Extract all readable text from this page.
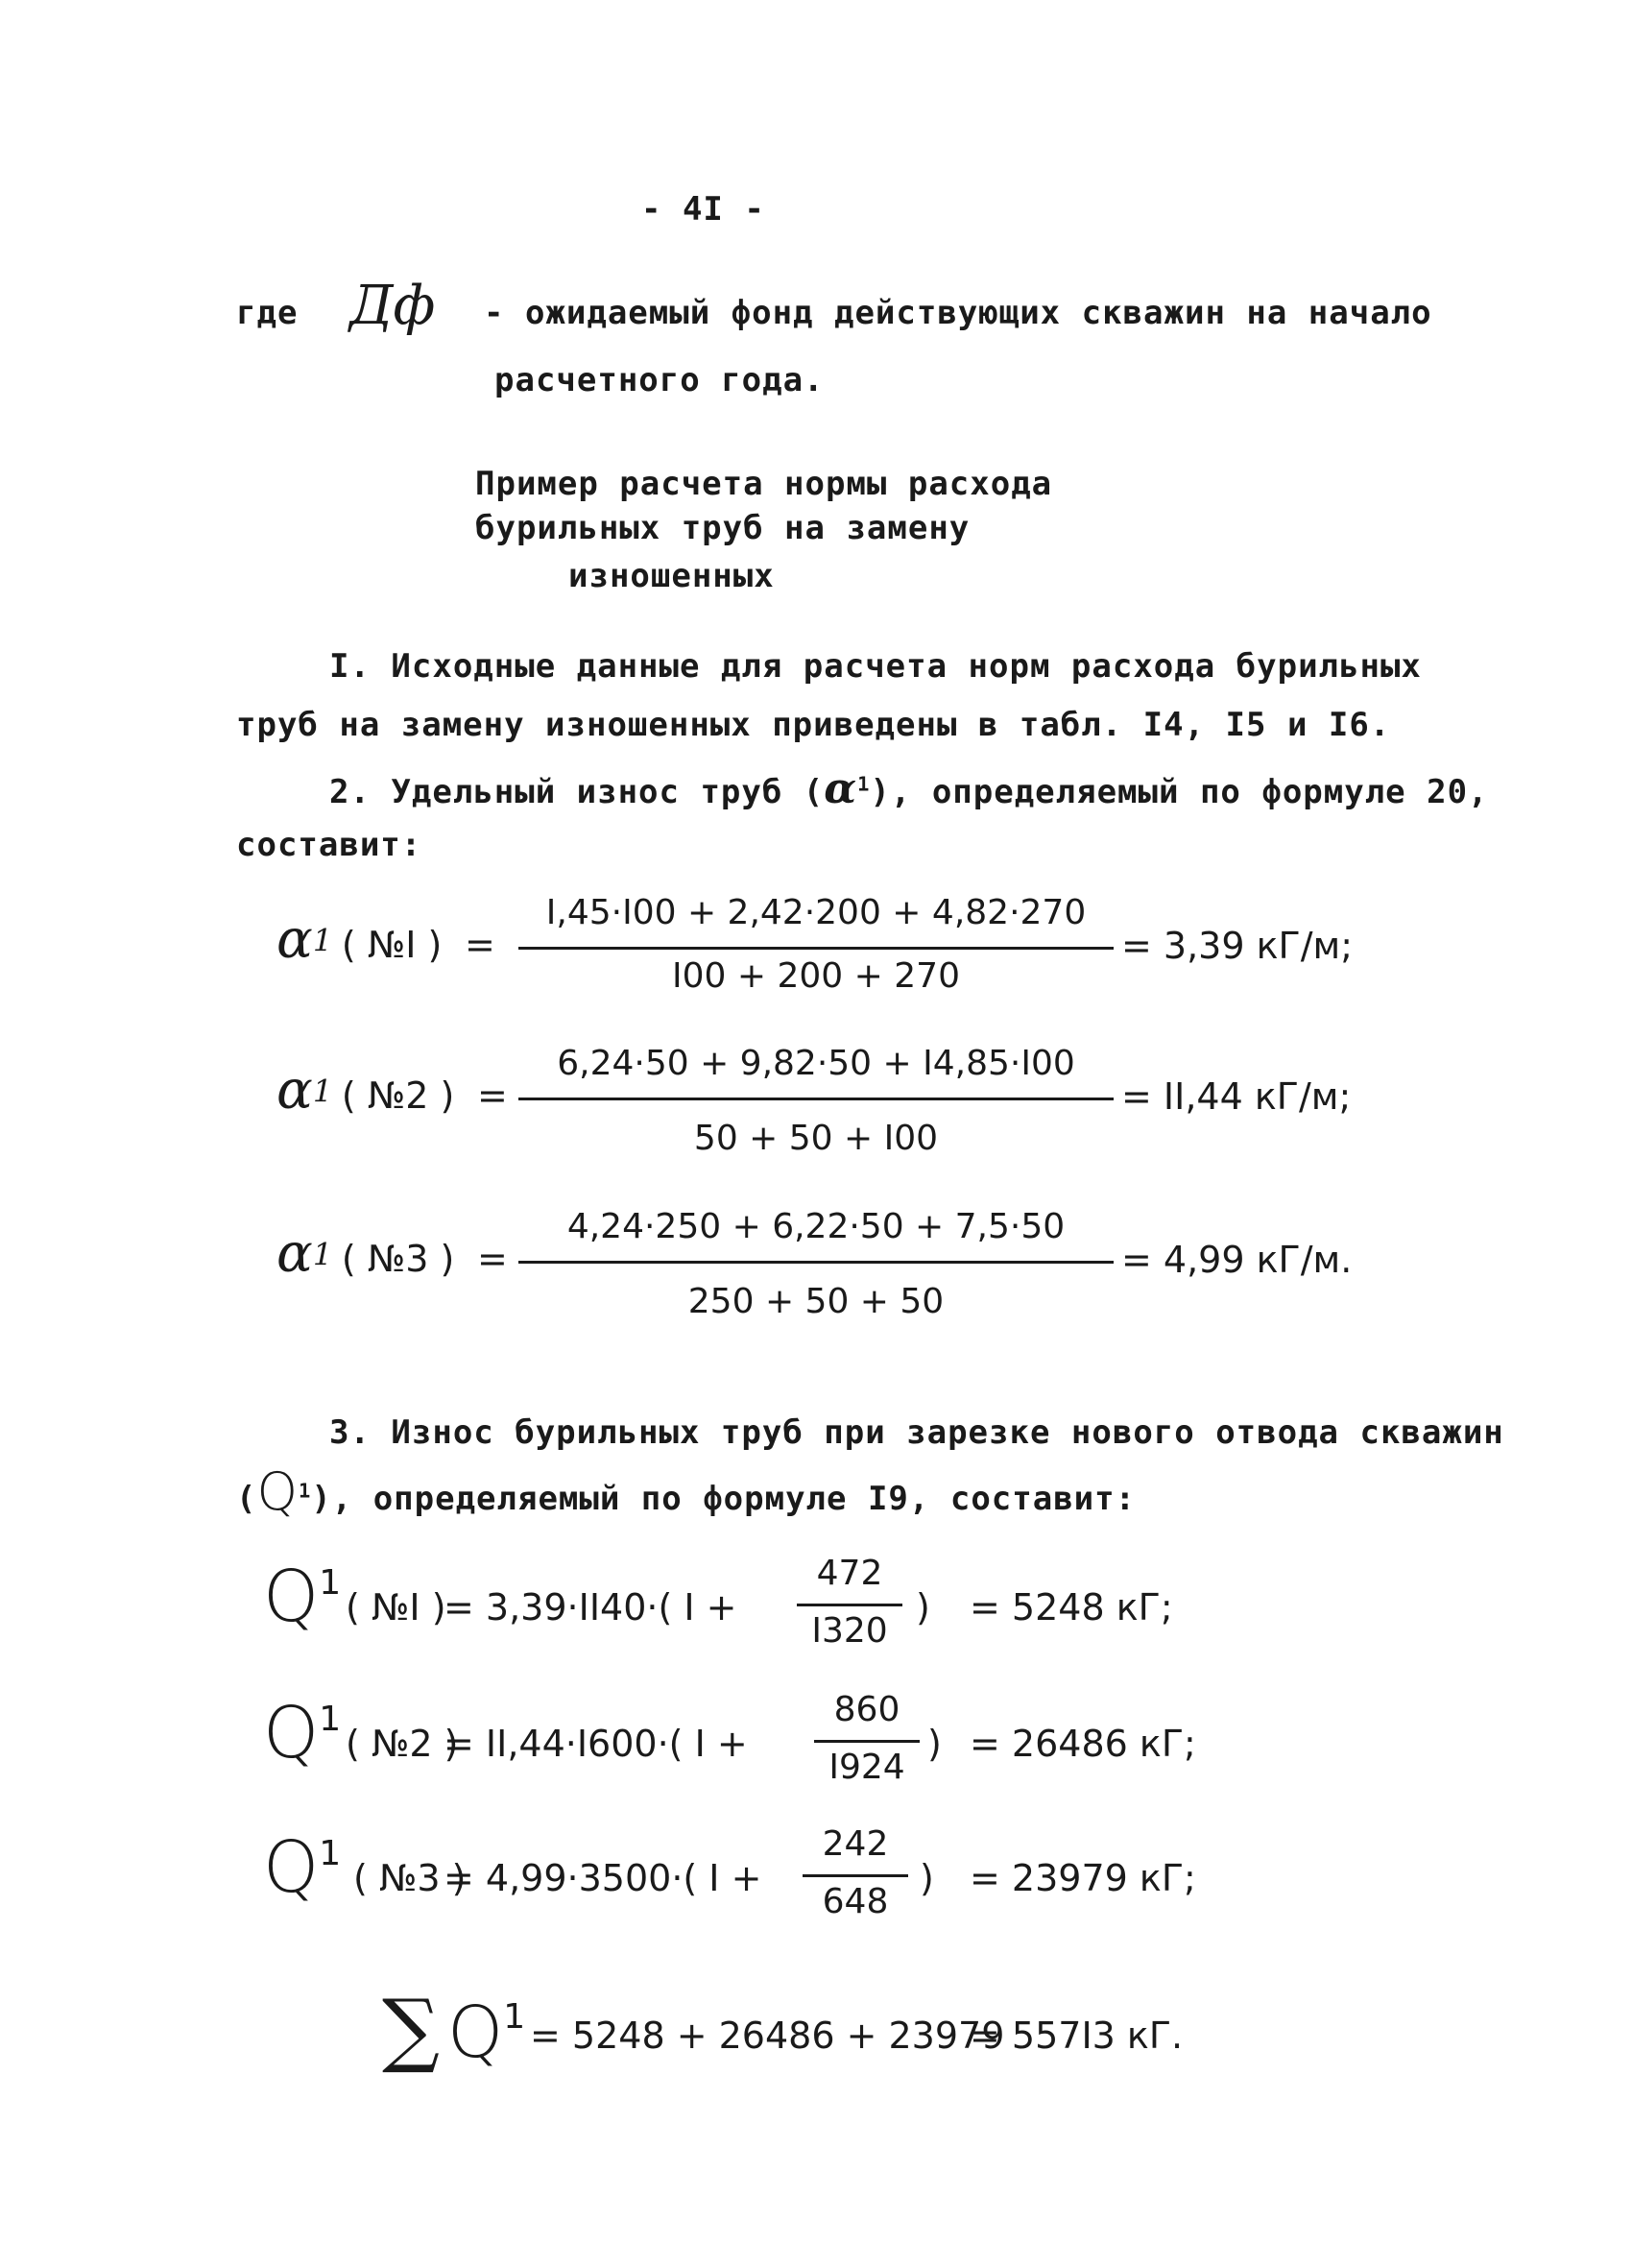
- 4I -
где Дф - ожидаемый фонд действующих скважин на начало
расчетного года.
Пример расчета нормы расхода
бурильных труб на замену
изношенных
I. Исходные данные для расчета норм расхода бурильных
труб на замену изношенных приведены в табл. I4, I5 и I6.
2. Удельный износ труб $(\alpha^1)$, определяемый по формуле 20,
составит:
$\alpha^1$ ( №I ) =
I,45·I00 + 2,42·200 + 4,82·270
I00 + 200 + 270
= 3,39 кГ/м;
$\alpha^1$ ( №2 ) =
6,24·50 + 9,82·50 + I4,85·I00
50 + 50 + I00
= II,44 кГ/м;
$\alpha^1$ ( №3 ) =
4,24·250 + 6,22·50 + 7,5·50
250 + 50 + 50
= 4,99 кГ/м.
3. Износ бурильных труб при зарезке нового отвода скважин
$(Q^1)$, определяемый по формуле I9, составит:
$Q^1$
( №I )
= 3,39·II40·( I +
472
I320
) = 5248 кГ;
$Q^1$
( №2 )
= II,44·I600·( I +
860
I924
) = 26486 кГ;
$Q^1$
( №3 )
= 4,99·3500·( I +
242
648
) = 23979 кГ;
∑ $Q^1 = 5248 + 26486 + 23979$
= 557I3 кГ.
